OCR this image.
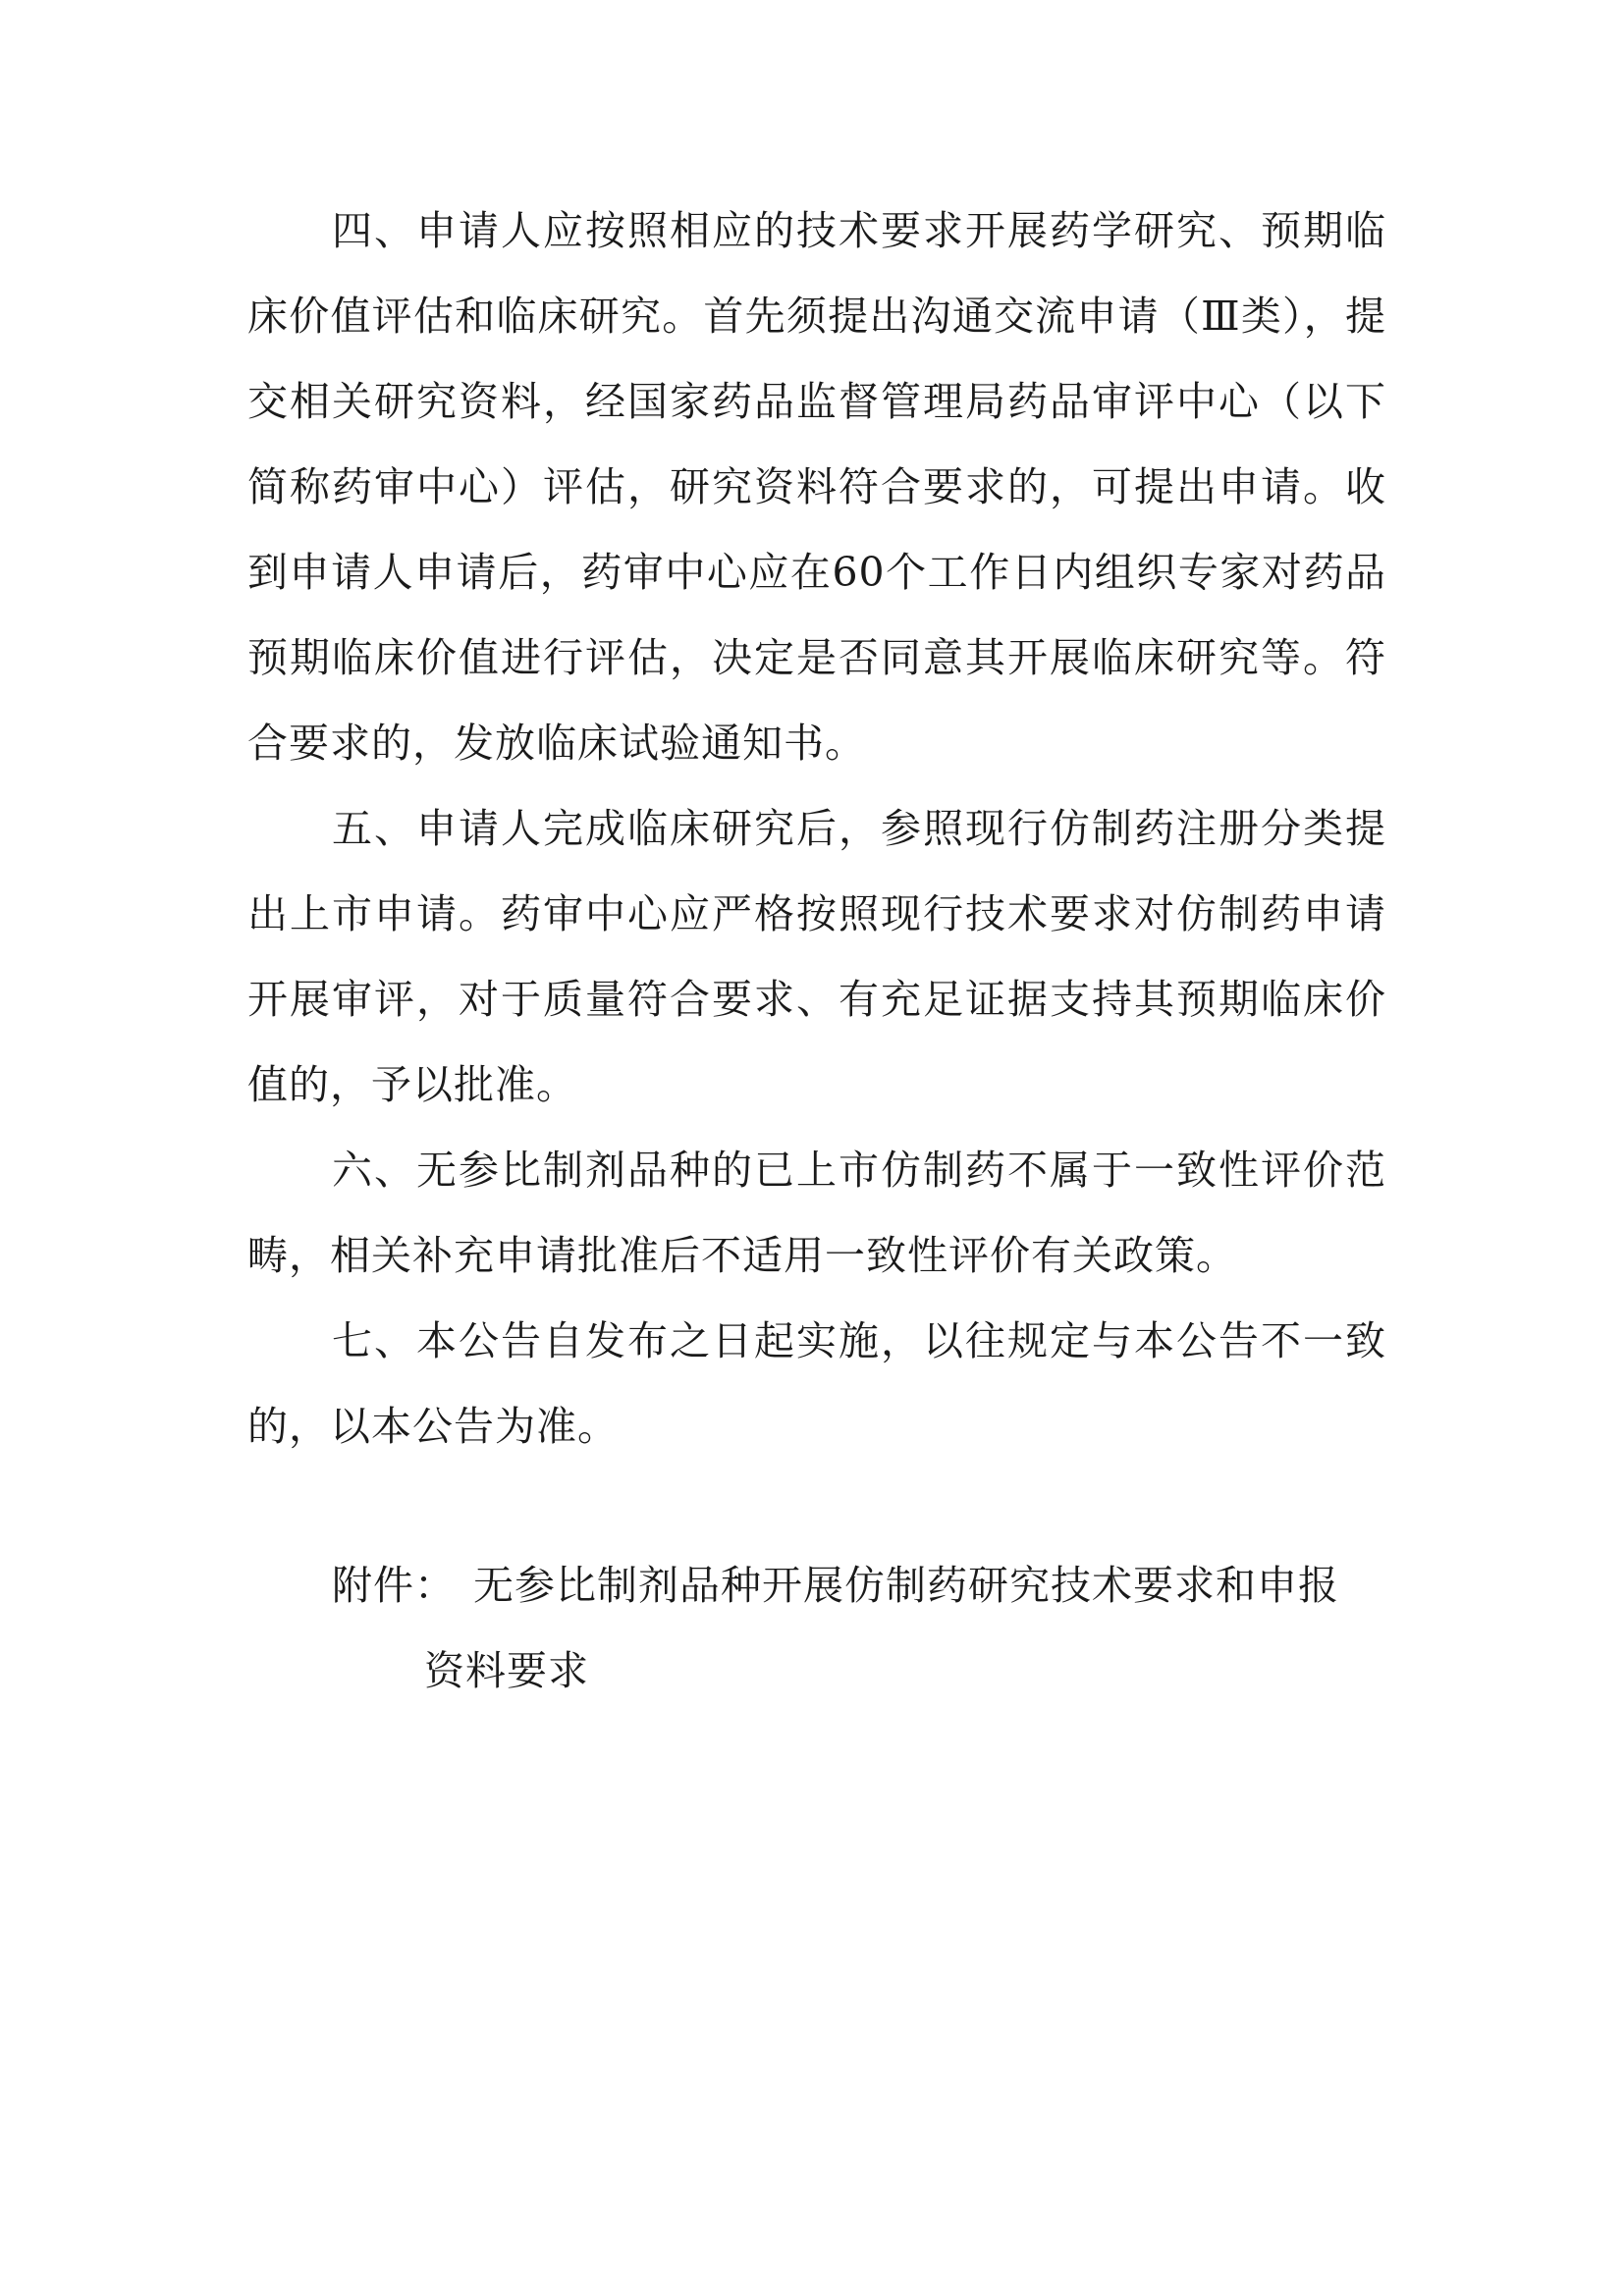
四、申请人应按照相应的技术要求开展药学研究、预期临床价值评估和临床研究。首先须提出沟通交流申请（Ⅲ类），提交相关研究资料，经国家药品监督管理局药品审评中心（以下简称药审中心）评估，研究资料符合要求的，可提出申请。收到申请人申请后，药审中心应在60个工作日内组织专家对药品预期临床价值进行评估，决定是否同意其开展临床研究等。符合要求的，发放临床试验通知书。

五、申请人完成临床研究后，参照现行仿制药注册分类提出上市申请。药审中心应严格按照现行技术要求对仿制药申请开展审评，对于质量符合要求、有充足证据支持其预期临床价值的，予以批准。

六、无参比制剂品种的已上市仿制药不属于一致性评价范畴，相关补充申请批准后不适用一致性评价有关政策。

七、本公告自发布之日起实施，以往规定与本公告不一致的，以本公告为准。

附件： 无参比制剂品种开展仿制药研究技术要求和申报
资料要求
